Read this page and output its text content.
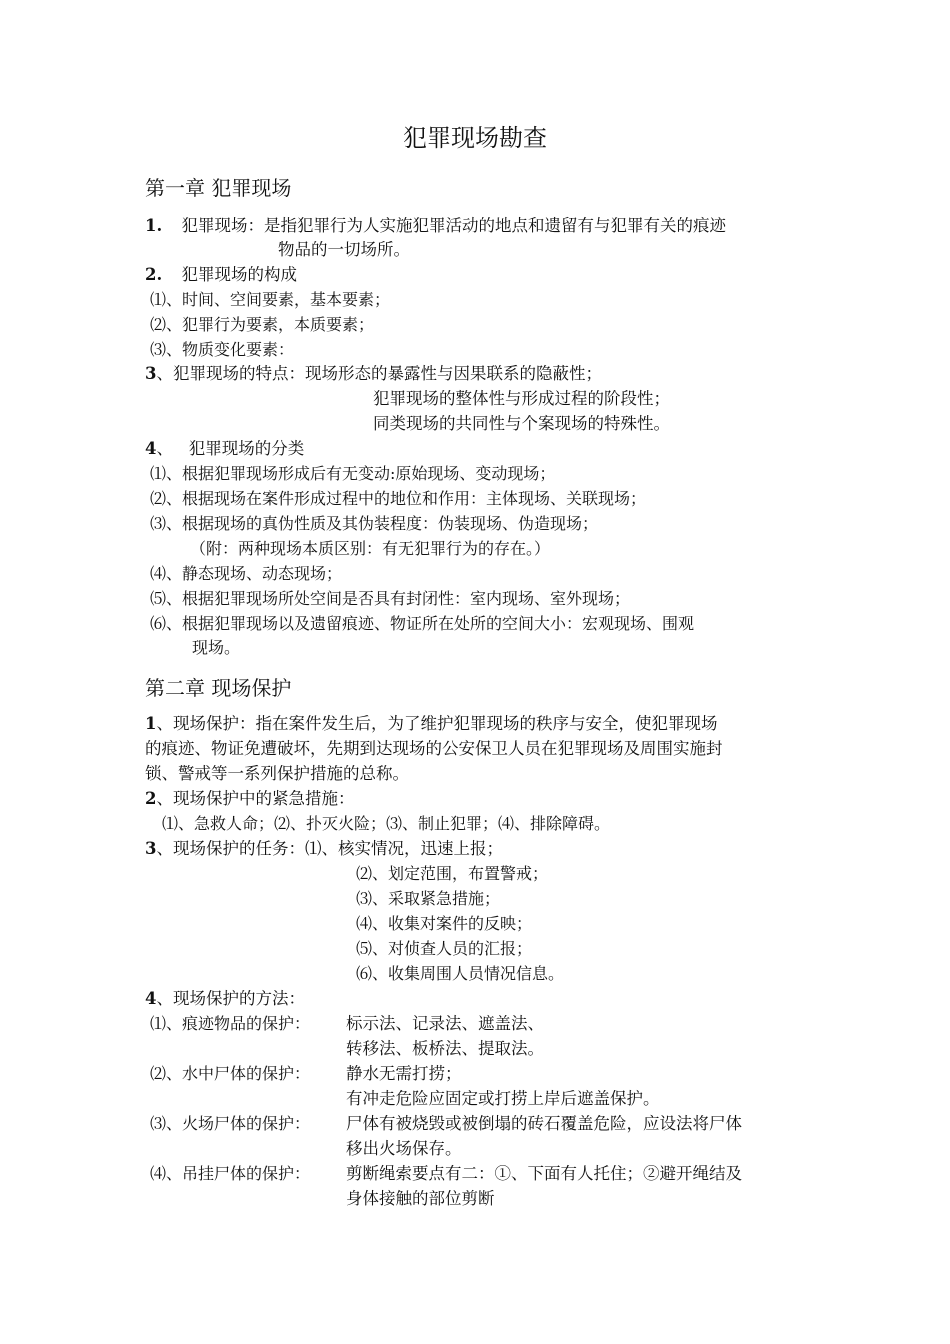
犯罪现场勘查
第一章 犯罪现场
1. 犯罪现场：是指犯罪行为人实施犯罪活动的地点和遗留有与犯罪有关的痕迹
物品的一切场所。
2. 犯罪现场的构成
⑴、时间、空间要素，基本要素；
⑵、犯罪行为要素，本质要素；
⑶、物质变化要素：
3、犯罪现场的特点：现场形态的暴露性与因果联系的隐蔽性；
犯罪现场的整体性与形成过程的阶段性；
同类现场的共同性与个案现场的特殊性。
4、   犯罪现场的分类
⑴、根据犯罪现场形成后有无变动:原始现场、变动现场；
⑵、根据现场在案件形成过程中的地位和作用：主体现场、关联现场；
⑶、根据现场的真伪性质及其伪装程度：伪装现场、伪造现场；
（附：两种现场本质区别：有无犯罪行为的存在。）
⑷、静态现场、动态现场；
⑸、根据犯罪现场所处空间是否具有封闭性：室内现场、室外现场；
⑹、根据犯罪现场以及遗留痕迹、物证所在处所的空间大小：宏观现场、围观
现场。
第二章 现场保护
1、现场保护：指在案件发生后，为了维护犯罪现场的秩序与安全，使犯罪现场
的痕迹、物证免遭破坏，先期到达现场的公安保卫人员在犯罪现场及周围实施封
锁、警戒等一系列保护措施的总称。
2、现场保护中的紧急措施：
⑴、急救人命；⑵、扑灭火险；⑶、制止犯罪；⑷、排除障碍。
3、现场保护的任务：⑴、核实情况，迅速上报；
⑵、划定范围，布置警戒；
⑶、采取紧急措施；
⑷、收集对案件的反映；
⑸、对侦查人员的汇报；
⑹、收集周围人员情况信息。
4、现场保护的方法：
⑴、痕迹物品的保护： 标示法、记录法、遮盖法、
转移法、板桥法、提取法。
⑵、水中尸体的保护： 静水无需打捞；
有冲走危险应固定或打捞上岸后遮盖保护。
⑶、火场尸体的保护： 尸体有被烧毁或被倒塌的砖石覆盖危险，应设法将尸体
移出火场保存。
⑷、吊挂尸体的保护： 剪断绳索要点有二：①、下面有人托住；②避开绳结及
身体接触的部位剪断
